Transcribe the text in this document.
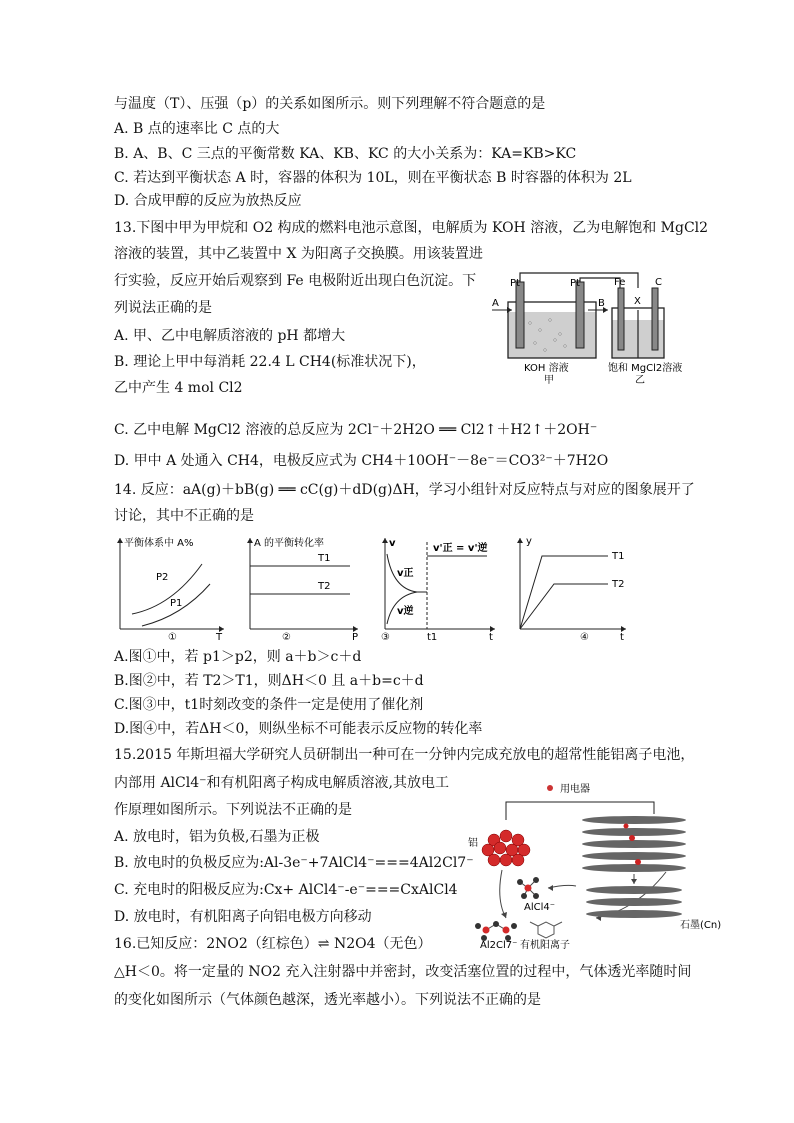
与温度（T）、压强（p）的关系如图所示。则下列理解不符合题意的是
A. B 点的速率比 C 点的大
B. A、B、C 三点的平衡常数 KA、KB、KC 的大小关系为：KA=KB>KC
C. 若达到平衡状态 A 时，容器的体积为 10L，则在平衡状态 B 时容器的体积为 2L
D. 合成甲醇的反应为放热反应
13.下图中甲为甲烷和 O2 构成的燃料电池示意图，电解质为 KOH 溶液，乙为电解饱和 MgCl2
溶液的装置，其中乙装置中 X 为阳离子交换膜。用该装置进
行实验，反应开始后观察到 Fe 电极附近出现白色沉淀。下
列说法正确的是
A. 甲、乙中电解质溶液的 pH 都增大
B. 理论上甲中每消耗 22.4 L CH4(标准状况下)，
乙中产生 4 mol Cl2
C. 乙中电解 MgCl2 溶液的总反应为 2Cl⁻＋2H2O ══ Cl2↑＋H2↑＋2OH⁻
D. 甲中 A 处通入 CH4，电极反应式为 CH4＋10OH⁻－8e⁻＝CO3²⁻＋7H2O
14. 反应：aA(g)＋bB(g) ══ cC(g)＋dD(g)ΔH，学习小组针对反应特点与对应的图象展开了
讨论，其中不正确的是
A.图①中，若 p1＞p2，则 a＋b＞c＋d
B.图②中，若 T2＞T1，则ΔH＜0 且 a＋b=c＋d
C.图③中，t1时刻改变的条件一定是使用了催化剂
D.图④中，若ΔH＜0，则纵坐标不可能表示反应物的转化率
15.2015 年斯坦福大学研究人员研制出一种可在一分钟内完成充放电的超常性能铝离子电池，
内部用 AlCl4⁻和有机阳离子构成电解质溶液,其放电工
作原理如图所示。下列说法不正确的是
A. 放电时，铝为负极,石墨为正极
B. 放电时的负极反应为:Al-3e⁻+7AlCl4⁻===4Al2Cl7⁻
C. 充电时的阳极反应为:Cx+ AlCl4⁻-e⁻===CxAlCl4
D. 放电时，有机阳离子向铝电极方向移动
16.已知反应：2NO2（红棕色）⇌ N2O4（无色）
△H＜0。将一定量的 NO2 充入注射器中并密封，改变活塞位置的过程中，气体透光率随时间
的变化如图所示（气体颜色越深，透光率越小）。下列说法不正确的是
A	B
Pt	Pt	Fe
X
C
KOH 溶液
甲
饱和 MgCl2溶液
乙
平衡体系中 A%
P2
P1
T
①
A 的平衡转化率
T1
T2
P
②
v	v'正 = v'逆
v正
v逆
t1	t
③
y
T1
T2
t
④
用电器
铝
AlCl4⁻
石墨(Cn)
Al2Cl7⁻ 有机阳离子
